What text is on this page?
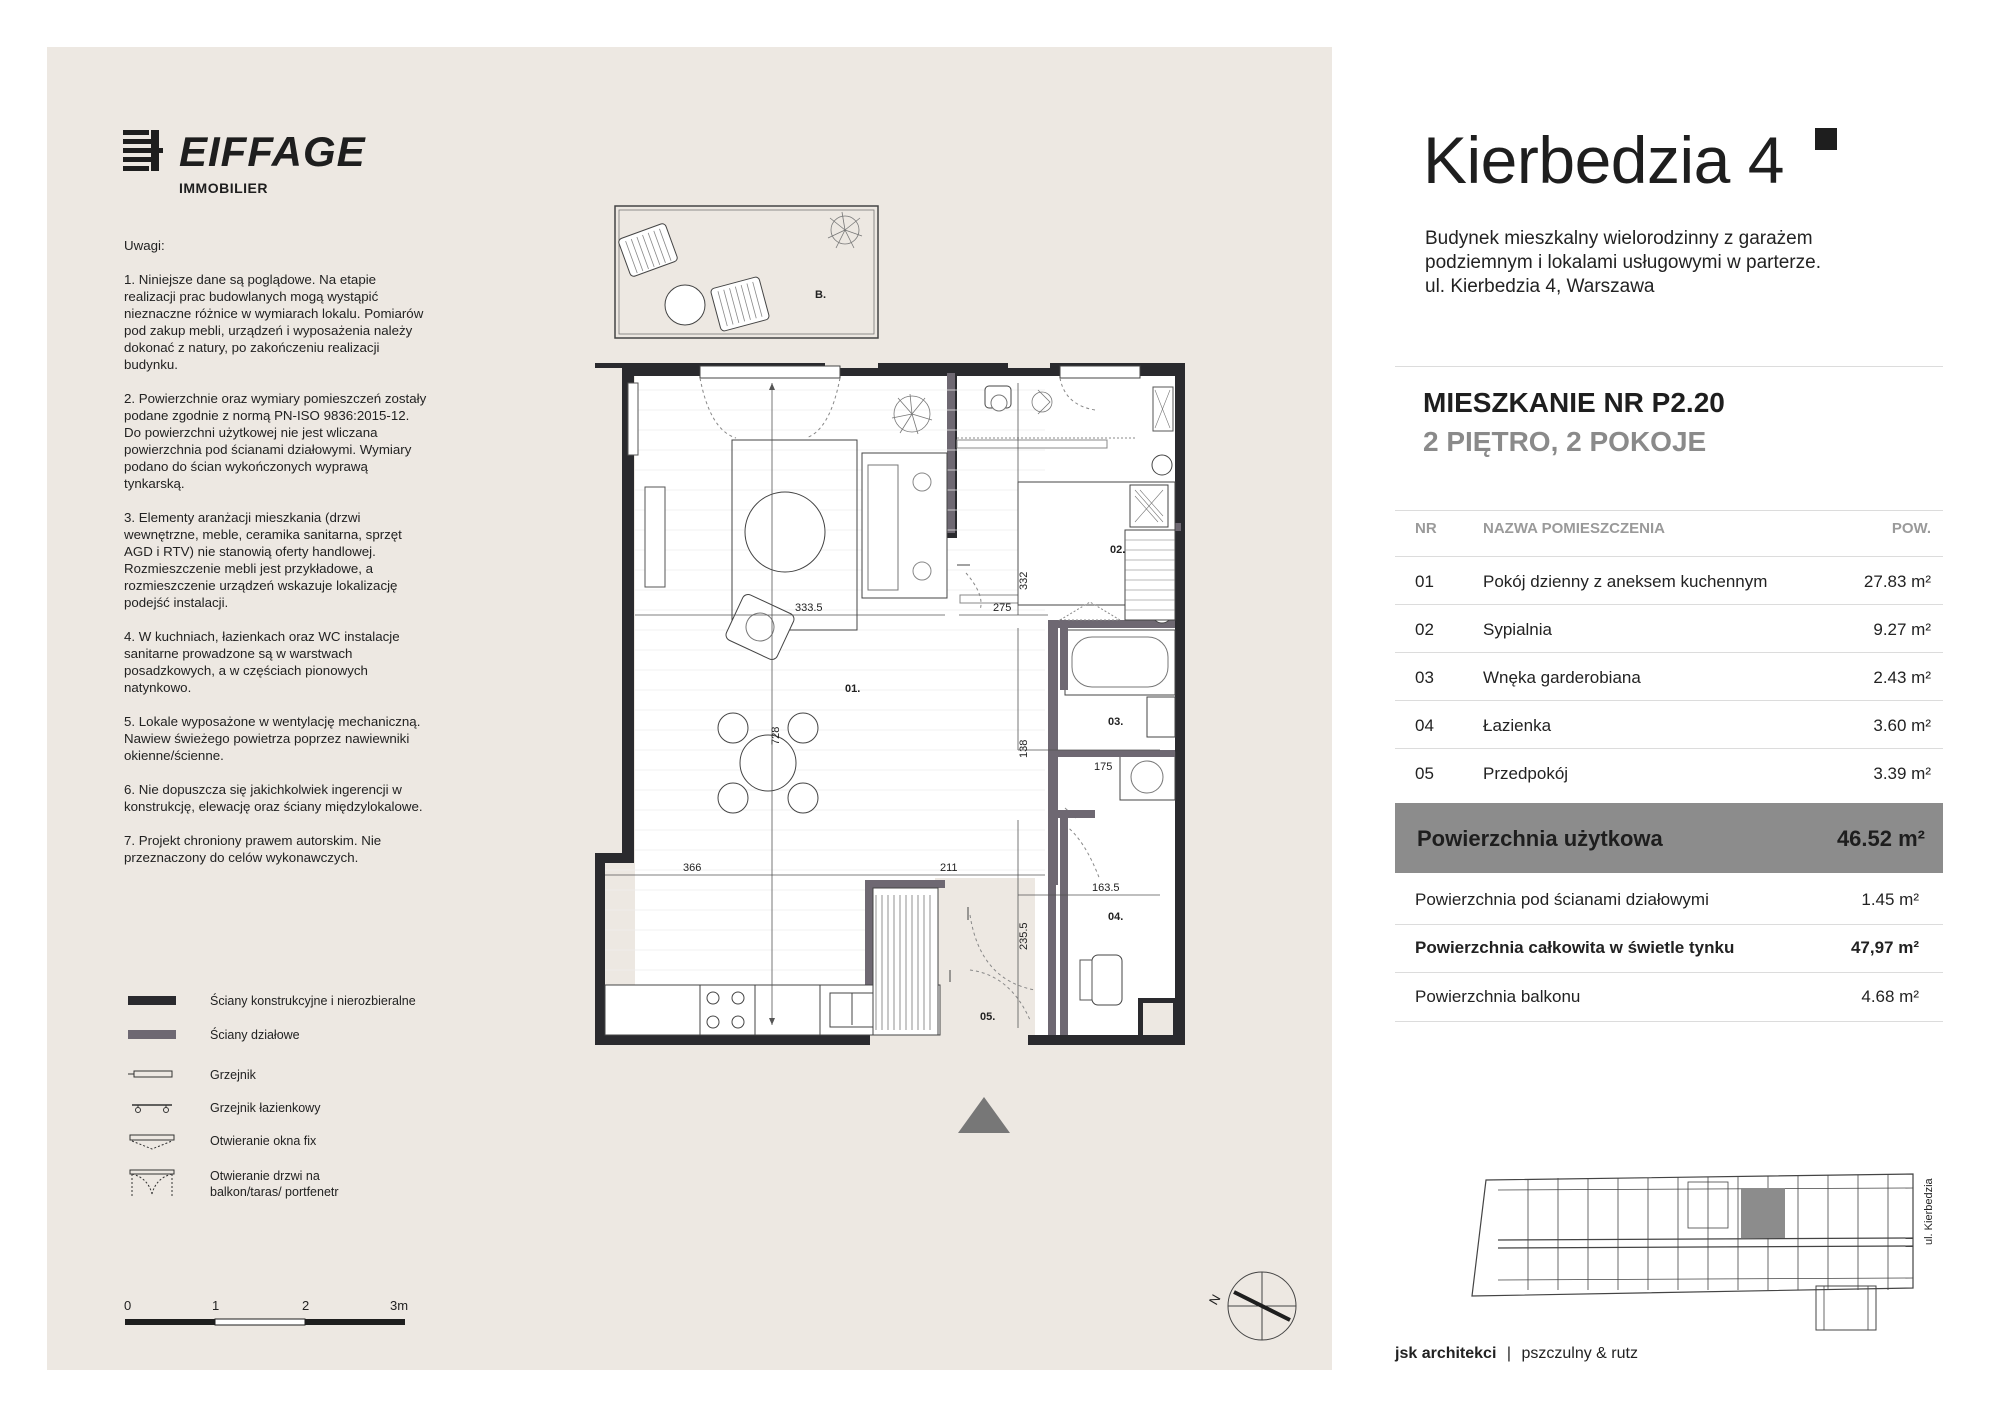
EIFFAGE
IMMOBILIER

Uwagi:

1. Niniejsze dane są poglądowe. Na etapie realizacji prac budowlanych mogą wystąpić nieznaczne różnice w wymiarach lokalu. Pomiarów pod zakup mebli, urządzeń i wyposażenia należy dokonać z natury, po zakończeniu realizacji budynku.

2. Powierzchnie oraz wymiary pomieszczeń zostały podane zgodnie z normą PN-ISO 9836:2015-12. Do powierzchni użytkowej nie jest wliczana powierzchnia pod ścianami działowymi. Wymiary podano do ścian wykończonych wyprawą tynkarską.

3. Elementy aranżacji mieszkania (drzwi wewnętrzne, meble, ceramika sanitarna, sprzęt AGD i RTV) nie stanowią oferty handlowej. Rozmieszczenie mebli jest przykładowe, a rozmieszczenie urządzeń wskazuje lokalizację podejść instalacji.

4. W kuchniach, łazienkach oraz WC instalacje sanitarne prowadzone są w warstwach posadzkowych, a w częściach pionowych natynkowo.

5. Lokale wyposażone w wentylację mechaniczną. Nawiew świeżego powietrza poprzez nawiewniki okienne/ścienne.

6. Nie dopuszcza się jakichkolwiek ingerencji w konstrukcję, elewację oraz ściany międzylokalowe.

7. Projekt chroniony prawem autorskim. Nie przeznaczony do celów wykonawczych.

Ściany konstrukcyjne i nierozbieralne
Ściany działowe
Grzejnik
Grzejnik łazienkowy
Otwieranie okna fix
Otwieranie drzwi na balkon/taras/ portfenetr
0	1	2	3m
B.
333.5	275
332
728
138
175
366	211
163.5
235.5
01.
02.
03.
04.
05.
N
Kierbedzia 4
Budynek mieszkalny wielorodzinny z garażem
podziemnym i lokalami usługowymi w parterze.
ul. Kierbedzia 4, Warszawa
MIESZKANIE NR P2.20
2 PIĘTRO, 2 POKOJE
NR	NAZWA POMIESZCZENIA	POW.
01	Pokój dzienny z aneksem kuchennym	27.83 m²
02	Sypialnia	9.27 m²
03	Wnęka garderobiana	2.43 m²
04	Łazienka	3.60 m²
05	Przedpokój	3.39 m²
Powierzchnia użytkowa	46.52 m²
Powierzchnia pod ścianami działowymi	1.45 m²
Powierzchnia całkowita w świetle tynku	47,97 m²
Powierzchnia balkonu	4.68 m²
ul. Kierbedzia
jsk architekci | pszczulny & rutz
